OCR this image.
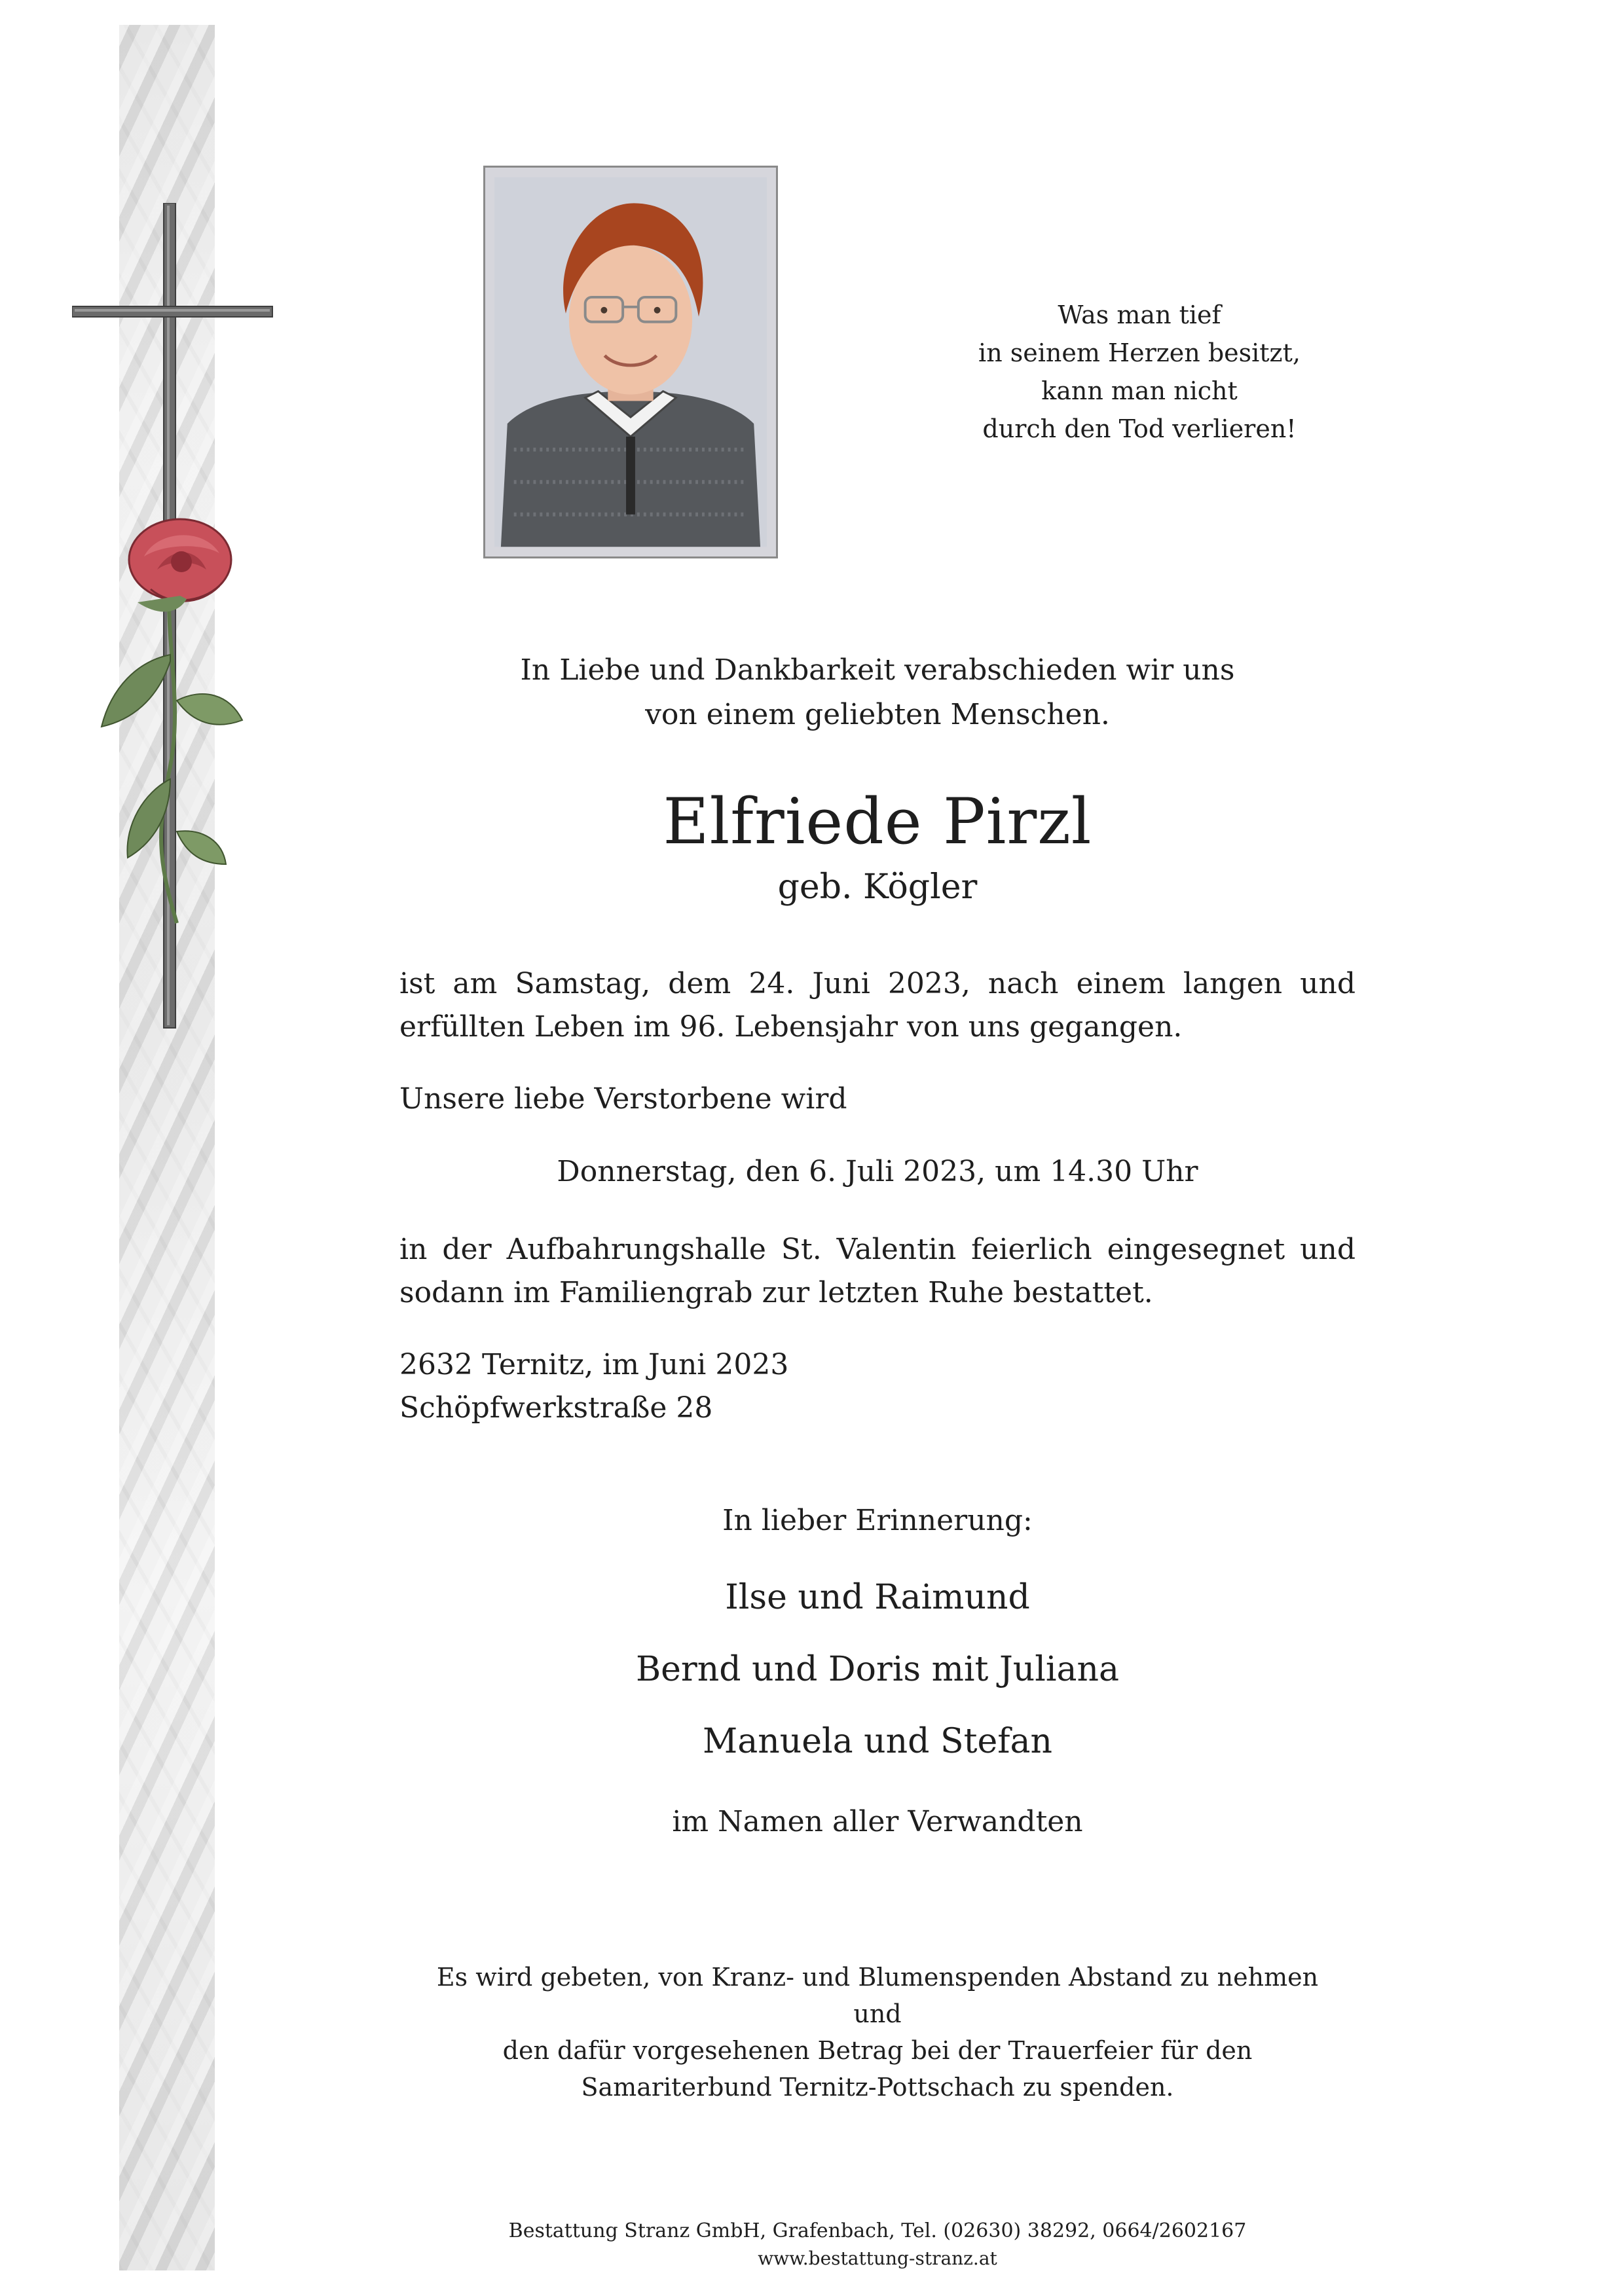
Was man tief
in seinem Herzen besitzt,
kann man nicht
durch den Tod verlieren!
In Liebe und Dankbarkeit verabschieden wir uns
von einem geliebten Menschen.
Elfriede Pirzl
geb. Kögler
ist am Samstag, dem 24. Juni 2023, nach einem langen und erfüllten Leben im 96. Lebensjahr von uns gegangen.
Unsere liebe Verstorbene wird
Donnerstag, den 6. Juli 2023, um 14.30 Uhr
in der Aufbahrungshalle St. Valentin feierlich eingesegnet und sodann im Familiengrab zur letzten Ruhe bestattet.
2632 Ternitz, im Juni 2023
Schöpfwerkstraße 28
In lieber Erinnerung:
Ilse und Raimund
Bernd und Doris mit Juliana
Manuela und Stefan
im Namen aller Verwandten
Es wird gebeten, von Kranz- und Blumenspenden Abstand zu nehmen und
den dafür vorgesehenen Betrag bei der Trauerfeier für den
Samariterbund Ternitz-Pottschach zu spenden.
Bestattung Stranz GmbH, Grafenbach, Tel. (02630) 38292, 0664/2602167
www.bestattung-stranz.at
